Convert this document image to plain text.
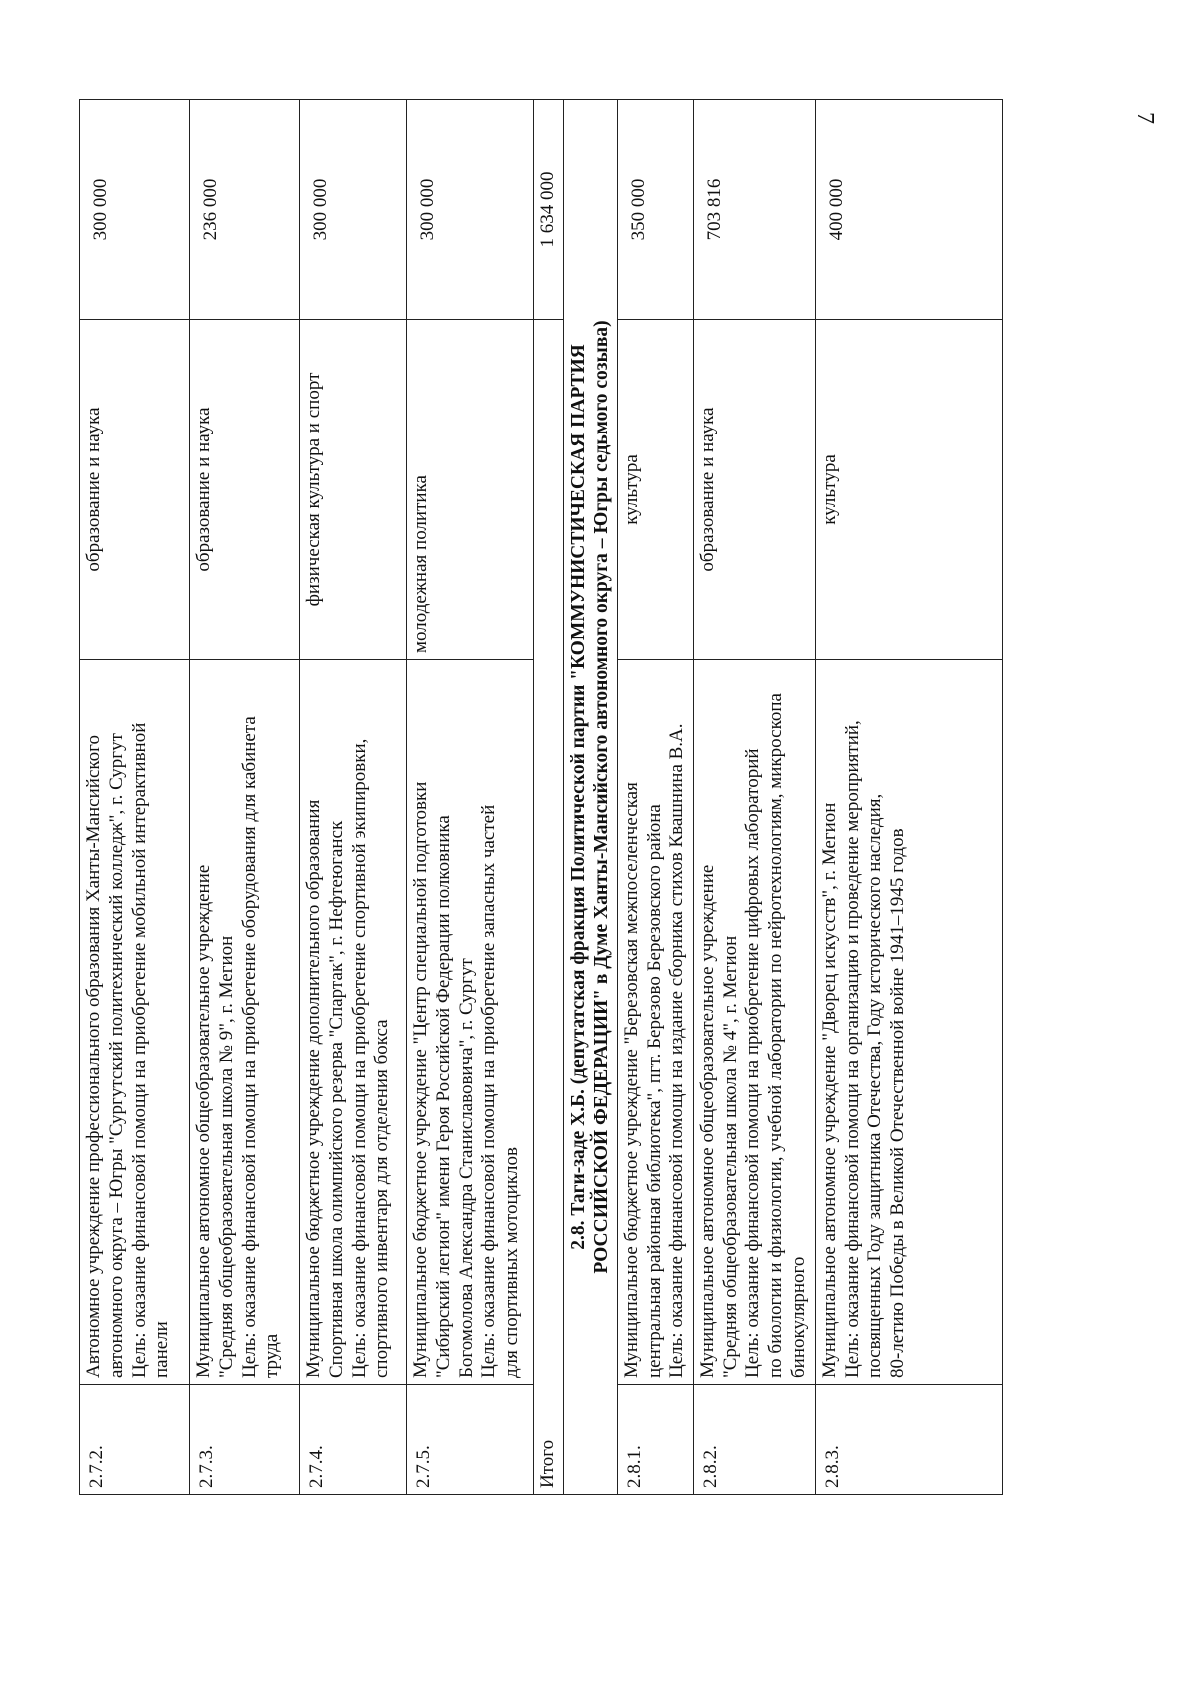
7
2.7.2.	Автономное учреждение профессионального образования Ханты-Мансийского автономного округа – Югры "Сургутский политехнический колледж", г. Сургут Цель: оказание финансовой помощи на приобретение мобильной интерактивной панели	образование и наука	300 000
2.7.3.	Муниципальное автономное общеобразовательное учреждение "Средняя общеобразовательная школа № 9", г. Мегион Цель: оказание финансовой помощи на приобретение оборудования для кабинета труда	образование и наука	236 000
2.7.4.	Муниципальное бюджетное учреждение дополнительного образования Спортивная школа олимпийского резерва "Спартак", г. Нефтеюганск Цель: оказание финансовой помощи на приобретение спортивной экипировки, спортивного инвентаря для отделения бокса	физическая культура и спорт	300 000
2.7.5.	Муниципальное бюджетное учреждение "Центр специальной подготовки "Сибирский легион" имени Героя Российской Федерации полковника Богомолова Александра Станиславовича", г. Сургут Цель: оказание финансовой помощи на приобретение запасных частей для спортивных мотоциклов	молодежная политика	300 000
Итого			1 634 000

2.8. Таги-заде Х.Б. (депутатская фракция Политической партии "КОММУНИСТИЧЕСКАЯ ПАРТИЯ РОССИЙСКОЙ ФЕДЕРАЦИИ" в Думе Ханты-Мансийского автономного округа – Югры седьмого созыва)			

2.8.1.	Муниципальное бюджетное учреждение "Березовская межпоселенческая центральная районная библиотека", пгт. Березово Березовского района Цель: оказание финансовой помощи на издание сборника стихов Квашнина В.А.	культура	350 000
2.8.2.	Муниципальное автономное общеобразовательное учреждение "Средняя общеобразовательная школа № 4", г. Мегион Цель: оказание финансовой помощи на приобретение цифровых лабораторий по биологии и физиологии, учебной лаборатории по нейротехнологиям, микроскопа бинокулярного	образование и наука	703 816
2.8.3.	Муниципальное автономное учреждение "Дворец искусств", г. Мегион Цель: оказание финансовой помощи на организацию и проведение мероприятий, посвященных Году защитника Отечества, Году исторического наследия, 80-летию Победы в Великой Отечественной войне 1941–1945 годов	культура	400 000
